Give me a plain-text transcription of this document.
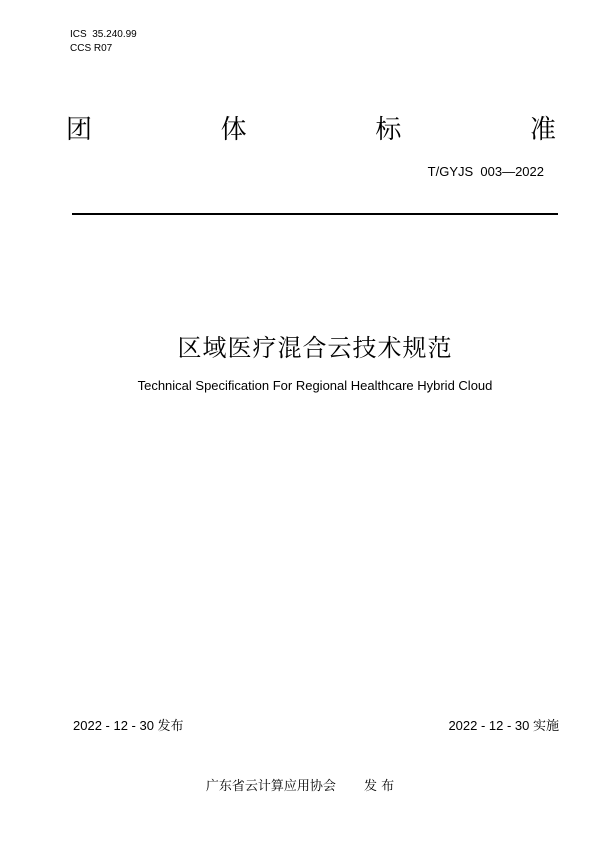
ICS  35.240.99
CCS R07
团	体	标	准
T/GYJS  003—2022
区域医疗混合云技术规范
Technical Specification For Regional Healthcare Hybrid Cloud
2022 - 12 - 30 发布	2022 - 12 - 30 实施
广东省云计算应用协会 发 布
